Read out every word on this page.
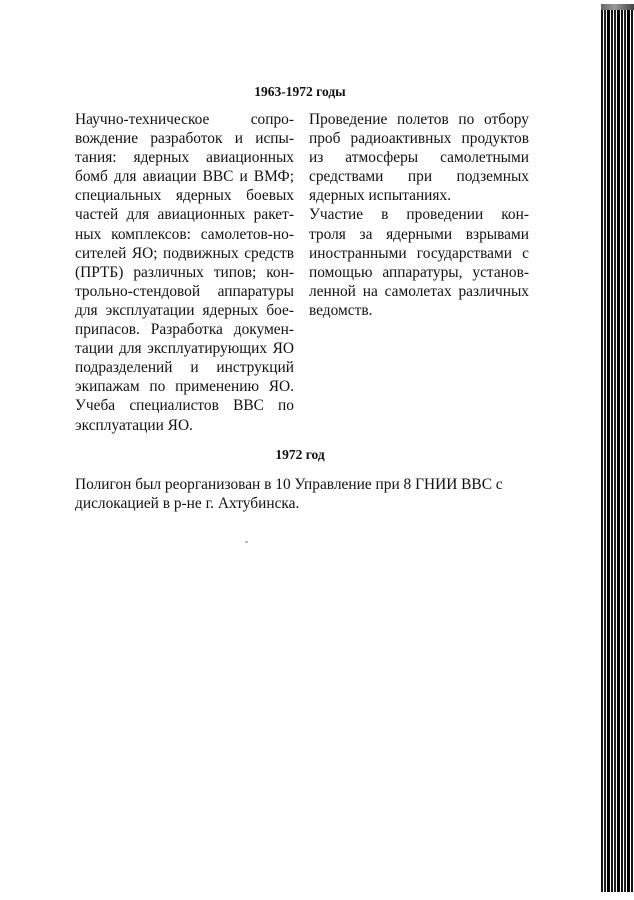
1963-1972 годы
Научно-техническое сопро-
вождение разработок и испы-
тания: ядерных авиационных
бомб для авиации ВВС и ВМФ;
специальных ядерных боевых
частей для авиационных ракет-
ных комплексов: самолетов-но-
сителей ЯО; подвижных средств
(ПРТБ) различных типов; кон-
трольно-стендовой аппаратуры
для эксплуатации ядерных бое-
припасов. Разработка докумен-
тации для эксплуатирующих ЯО
подразделений и инструкций
экипажам по применению ЯО.
Учеба специалистов ВВС по
эксплуатации ЯО.
Проведение полетов по отбору
проб радиоактивных продуктов
из атмосферы самолетными
средствами при подземных
ядерных испытаниях.
Участие в проведении кон-
троля за ядерными взрывами
иностранными государствами с
помощью аппаратуры, установ-
ленной на самолетах различных
ведомств.
1972 год
Полигон был реорганизован в 10 Управление при 8 ГНИИ ВВС с дислокацией в р-не г. Ахтубинска.
